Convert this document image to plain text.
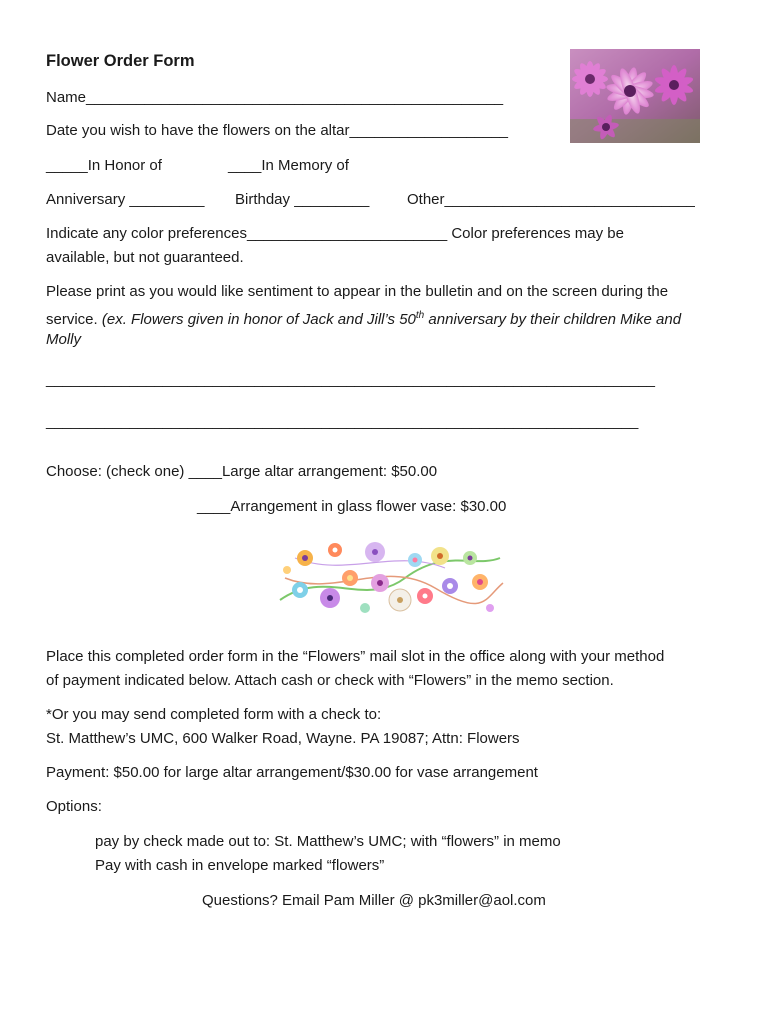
Flower Order Form
Name__________________________________________________
Date you wish to have the flowers on the altar___________________
_____In Honor of	____In Memory of
Anniversary _________ Birthday _________	Other______________________________
Indicate any color preferences________________________ Color preferences may be
available, but not guaranteed.
Please print as you would like sentiment to appear in the bulletin and on the screen during the
service. (ex. Flowers given in honor of Jack and Jill’s 50th anniversary by their children Mike and
Molly
_________________________________________________________________________
_______________________________________________________________________
Choose: (check one) ____Large altar arrangement: $50.00
____Arrangement in glass flower vase: $30.00
Place this completed order form in the “Flowers” mail slot in the office along with your method
of payment indicated below. Attach cash or check with “Flowers” in the memo section.
*Or you may send completed form with a check to:
St. Matthew’s UMC, 600 Walker Road, Wayne. PA 19087; Attn: Flowers
Payment: $50.00 for large altar arrangement/$30.00 for vase arrangement
Options:
pay by check made out to: St. Matthew’s UMC; with “flowers” in memo
Pay with cash in envelope marked “flowers”
Questions? Email Pam Miller @ pk3miller@aol.com
